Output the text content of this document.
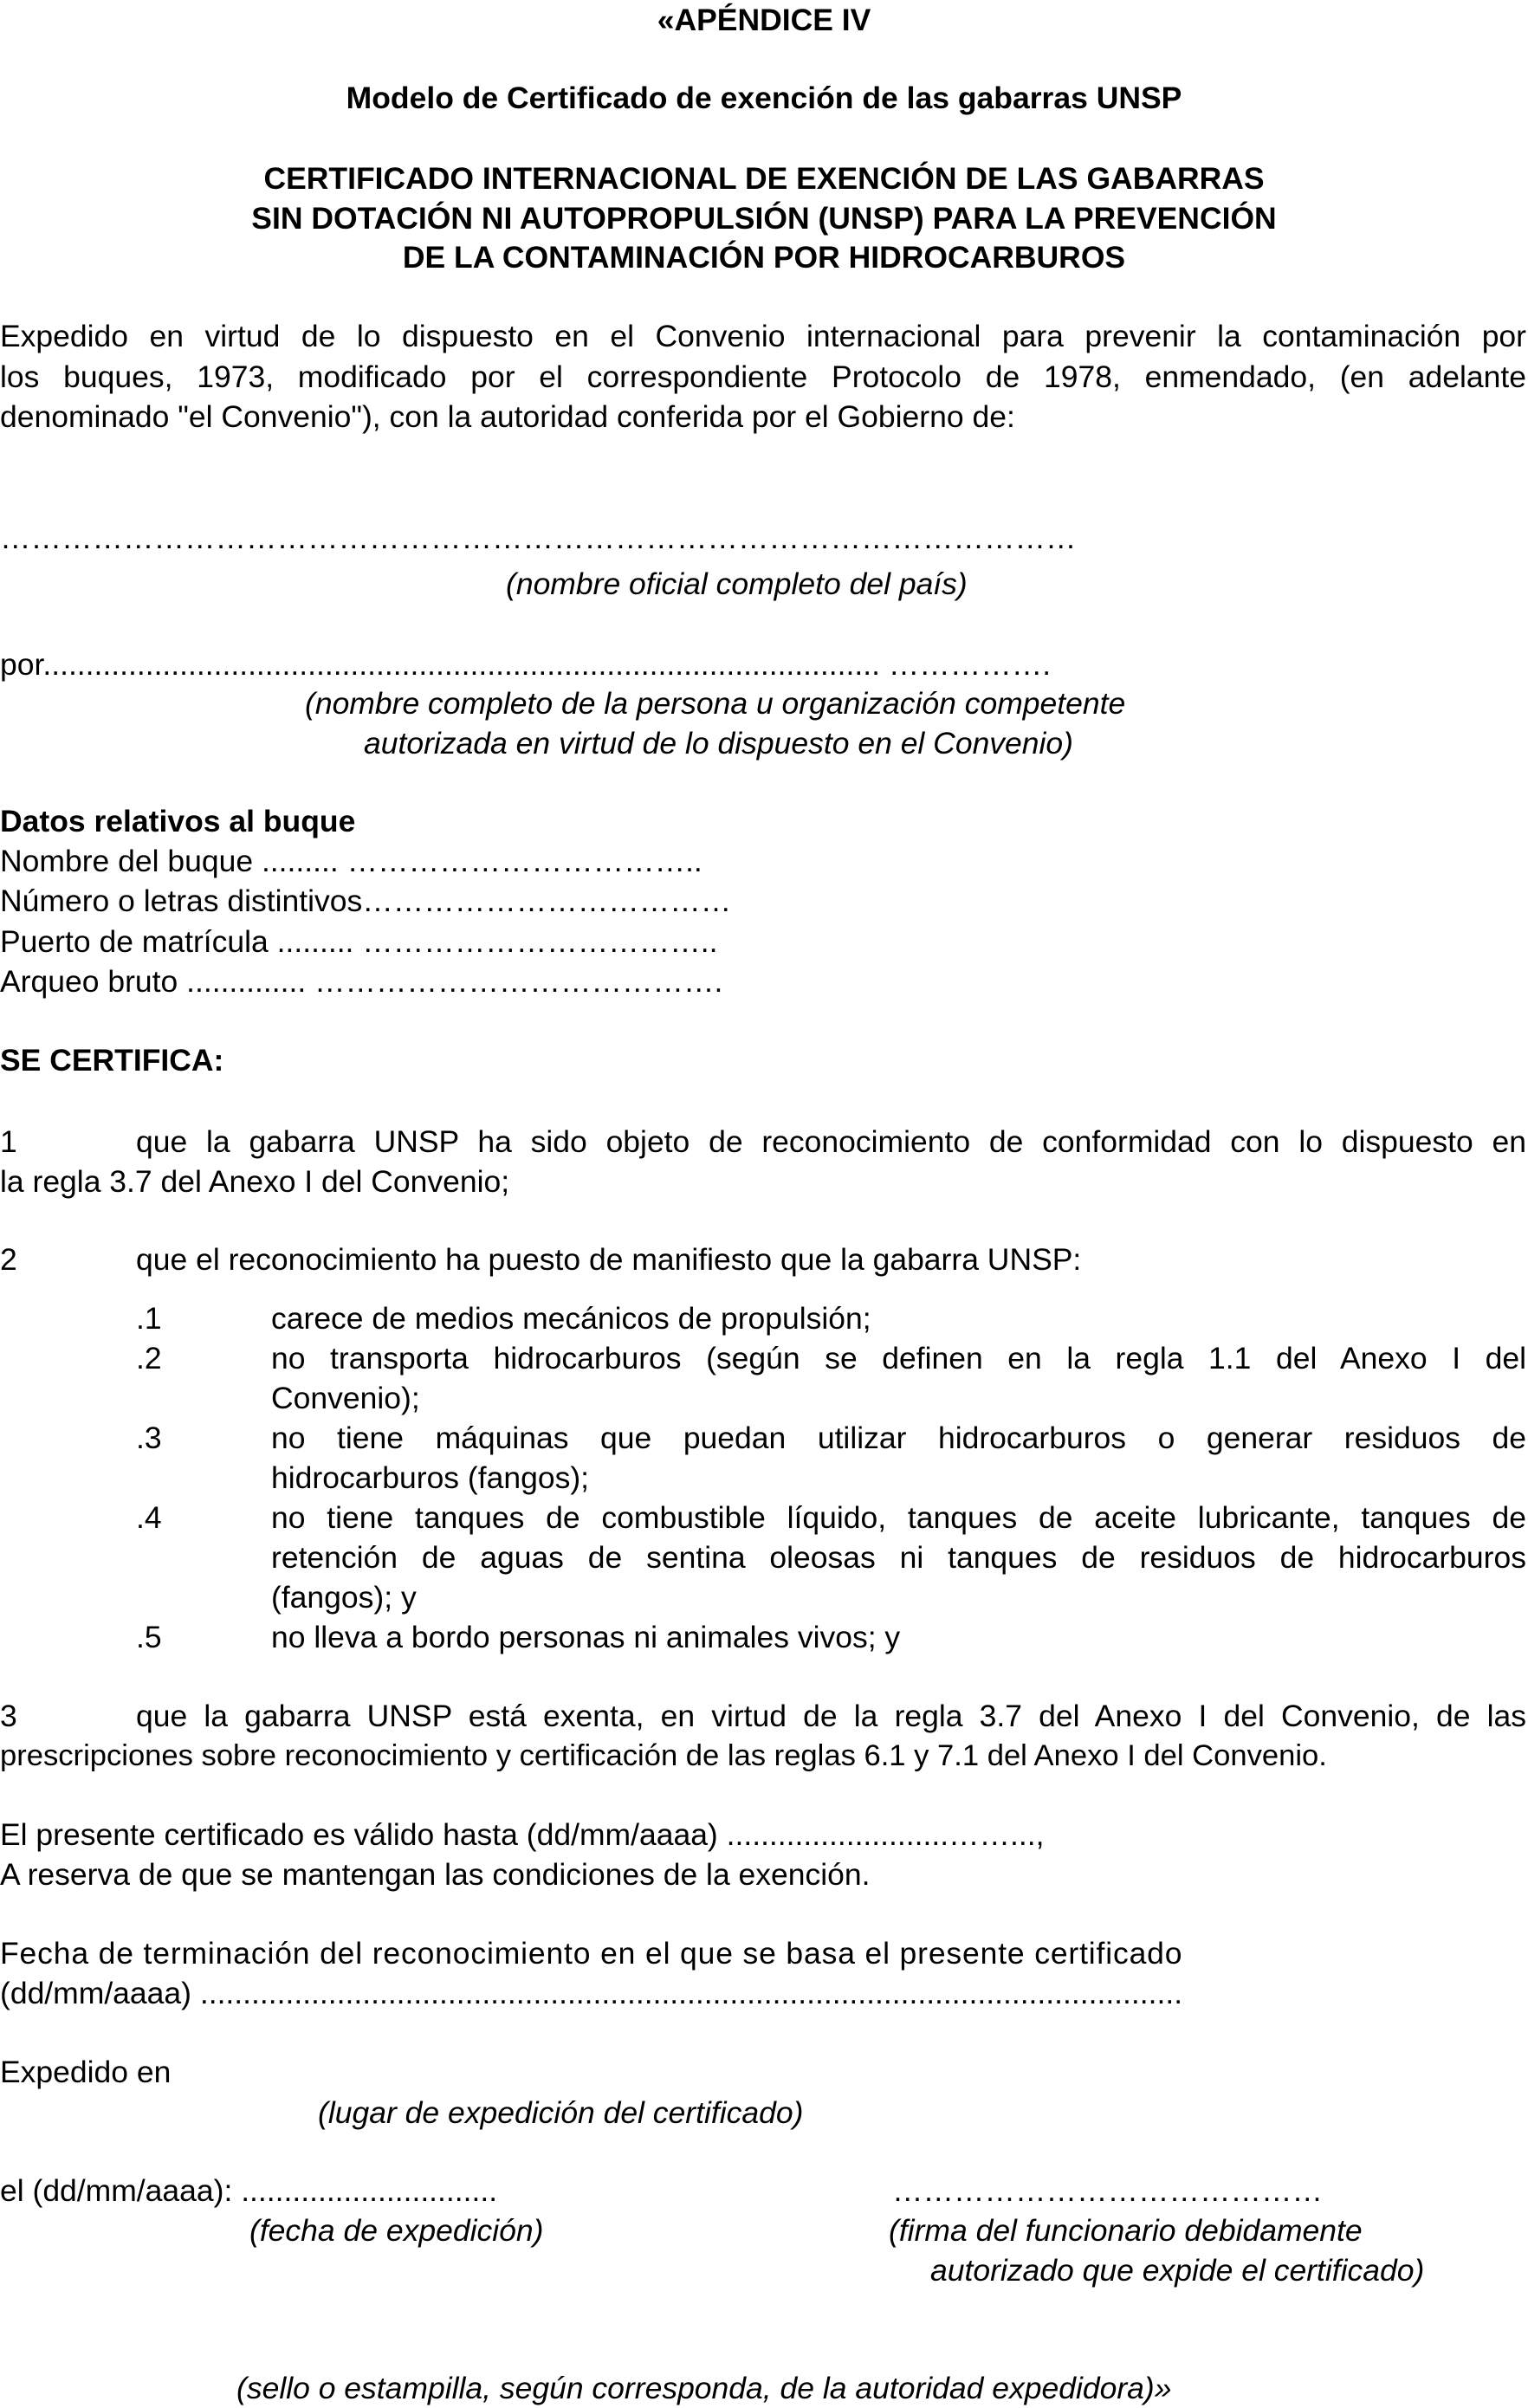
«APÉNDICE IV
Modelo de Certificado de exención de las gabarras UNSP
CERTIFICADO INTERNACIONAL DE EXENCIÓN DE LAS GABARRAS
SIN DOTACIÓN NI AUTOPROPULSIÓN (UNSP) PARA LA PREVENCIÓN
DE LA CONTAMINACIÓN POR HIDROCARBUROS
Expedido en virtud de lo dispuesto en el Convenio internacional para prevenir la contaminación por
los buques, 1973, modificado por el correspondiente Protocolo de 1978, enmendado, (en adelante
denominado "el Convenio"), con la autoridad conferida por el Gobierno de:
……………………………………………………………………………………………
(nombre oficial completo del país)
por.................................................................................................. …………….
(nombre completo de la persona u organización competente
autorizada en virtud de lo dispuesto en el Convenio)
Datos relativos al buque
Nombre del buque ......... ……………………………..
Número o letras distintivos………………………………
Puerto de matrícula ......... ……………………………..
Arqueo bruto .............. ………………………………….
SE CERTIFICA:
1	que la gabarra UNSP ha sido objeto de reconocimiento de conformidad con lo dispuesto en
la regla 3.7 del Anexo I del Convenio;
2	que el reconocimiento ha puesto de manifiesto que la gabarra UNSP:
.1	carece de medios mecánicos de propulsión;
.2	no transporta hidrocarburos (según se definen en la regla 1.1 del Anexo I del
Convenio);
.3	no tiene máquinas que puedan utilizar hidrocarburos o generar residuos de
hidrocarburos (fangos);
.4	no tiene tanques de combustible líquido, tanques de aceite lubricante, tanques de
retención de aguas de sentina oleosas ni tanques de residuos de hidrocarburos
(fangos); y
.5	no lleva a bordo personas ni animales vivos; y
3	que la gabarra UNSP está exenta, en virtud de la regla 3.7 del Anexo I del Convenio, de las
prescripciones sobre reconocimiento y certificación de las reglas 6.1 y 7.1 del Anexo I del Convenio.
El presente certificado es válido hasta (dd/mm/aaaa) ..........................……...,
A reserva de que se mantengan las condiciones de la exención.
Fecha de terminación del reconocimiento en el que se basa el presente certificado
(dd/mm/aaaa) ...................................................................................................................
Expedido en
(lugar de expedición del certificado)
el (dd/mm/aaaa): ..............................	……………………………………
(fecha de expedición)	(firma del funcionario debidamente
autorizado que expide el certificado)
(sello o estampilla, según corresponda, de la autoridad expedidora)»
